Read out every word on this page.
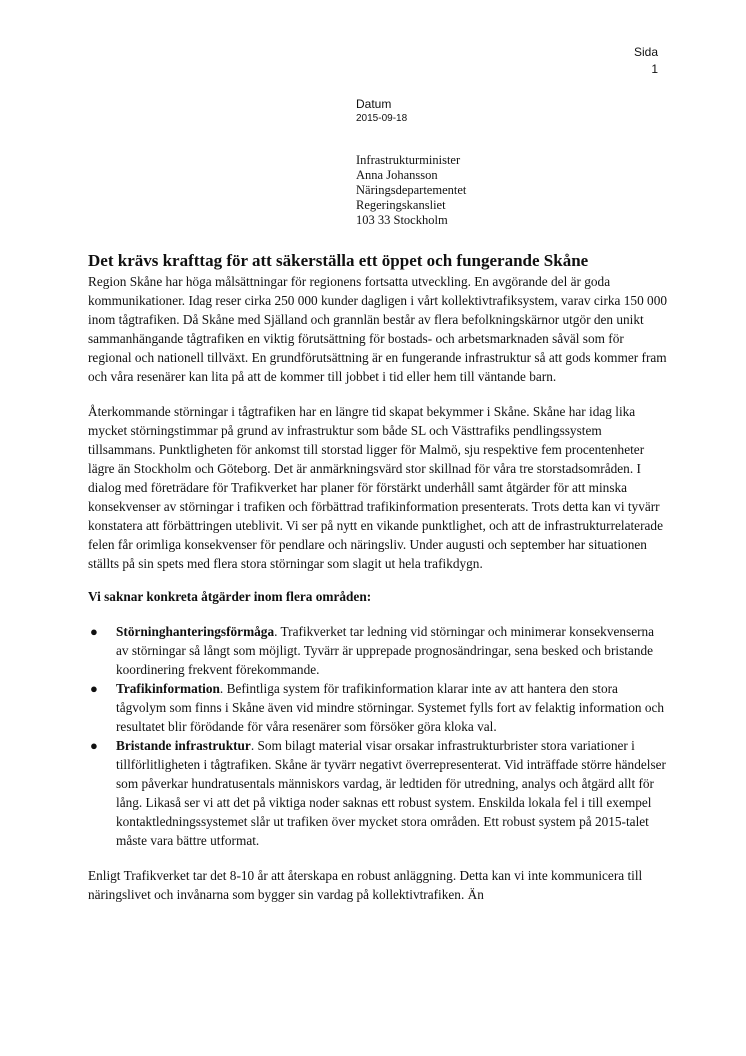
Sida
1
Datum
2015-09-18
Infrastrukturminister
Anna Johansson
Näringsdepartementet
Regeringskansliet
103 33 Stockholm
Det krävs krafttag för att säkerställa ett öppet och fungerande Skåne

Region Skåne har höga målsättningar för regionens fortsatta utveckling. En avgörande del är goda kommunikationer. Idag reser cirka 250 000 kunder dagligen i vårt kollektivtrafiksystem, varav cirka 150 000 inom tågtrafiken. Då Skåne med Själland och grannlän består av flera befolkningskärnor utgör den unikt sammanhängande tågtrafiken en viktig förutsättning för bostads- och arbetsmarknaden såväl som för regional och nationell tillväxt. En grundförutsättning är en fungerande infrastruktur så att gods kommer fram och våra resenärer kan lita på att de kommer till jobbet i tid eller hem till väntande barn.

Återkommande störningar i tågtrafiken har en längre tid skapat bekymmer i Skåne. Skåne har idag lika mycket störningstimmar på grund av infrastruktur som både SL och Västtrafiks pendlingssystem tillsammans. Punktligheten för ankomst till storstad ligger för Malmö, sju respektive fem procentenheter lägre än Stockholm och Göteborg. Det är anmärkningsvärd stor skillnad för våra tre storstadsområden. I dialog med företrädare för Trafikverket har planer för förstärkt underhåll samt åtgärder för att minska konsekvenser av störningar i trafiken och förbättrad trafikinformation presenterats. Trots detta kan vi tyvärr konstatera att förbättringen uteblivit. Vi ser på nytt en vikande punktlighet, och att de infrastrukturrelaterade felen får orimliga konsekvenser för pendlare och näringsliv. Under augusti och september har situationen ställts på sin spets med flera stora störningar som slagit ut hela trafikdygn.

Vi saknar konkreta åtgärder inom flera områden:
● Störninghanteringsförmåga. Trafikverket tar ledning vid störningar och minimerar konsekvenserna av störningar så långt som möjligt. Tyvärr är upprepade prognosändringar, sena besked och bristande koordinering frekvent förekommande.
● Trafikinformation. Befintliga system för trafikinformation klarar inte av att hantera den stora tågvolym som finns i Skåne även vid mindre störningar. Systemet fylls fort av felaktig information och resultatet blir förödande för våra resenärer som försöker göra kloka val.
● Bristande infrastruktur. Som bilagt material visar orsakar infrastrukturbrister stora variationer i tillförlitligheten i tågtrafiken. Skåne är tyvärr negativt överrepresenterat. Vid inträffade större händelser som påverkar hundratusentals människors vardag, är ledtiden för utredning, analys och åtgärd allt för lång. Likaså ser vi att det på viktiga noder saknas ett robust system. Enskilda lokala fel i till exempel kontaktledningssystemet slår ut trafiken över mycket stora områden. Ett robust system på 2015-talet måste vara bättre utformat.

Enligt Trafikverket tar det 8-10 år att återskapa en robust anläggning. Detta kan vi inte kommunicera till näringslivet och invånarna som bygger sin vardag på kollektivtrafiken. Än
